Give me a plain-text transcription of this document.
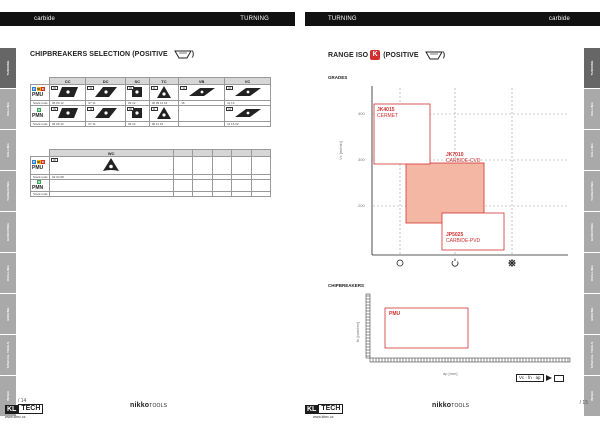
carbide	TURNING
TURNING
MILLING
MILLING
THREADING
GROOVING
DRILLING
BORING
SPECIAL TOOLS
INDEX
CHIPBREAKERS SELECTION (POSITIVE	)
	CC	DC	SC	TC	VB	VC

P M K
PMU	09	11	09	11	11	16

Stock tools	06 09 12	07 11	09 12	06 09 11 16	16	11 16

N
PMN	09	11	09	11		16

Stock tools	06 09 12	07 11	09 12	06 11 16		11 16 22
	WC					

P M K
PMU	06					

Stock tools	02 04 08					

N
PMN						

Stock tools						
/ 14
KL TECH
www.kltec.cz
nikkoTOOLS
TURNING	carbide
TURNING
MILLING
MILLING
THREADING
GROOVING
DRILLING
BORING
SPECIAL TOOLS
INDEX
RANGE ISO K (POSITIVE	)
GRADES
Vc [m/min]
400
300
200
JK4015
CERMET
JK7010
CARBIDE-CVD
JP5025
CARBIDE-PVD
CHIPBREAKERS
fn [mm/rev]
ap [mm]
PMU
Vc · fn · ap
/ 15
KL TECH
www.kltec.cz
nikkoTOOLS
